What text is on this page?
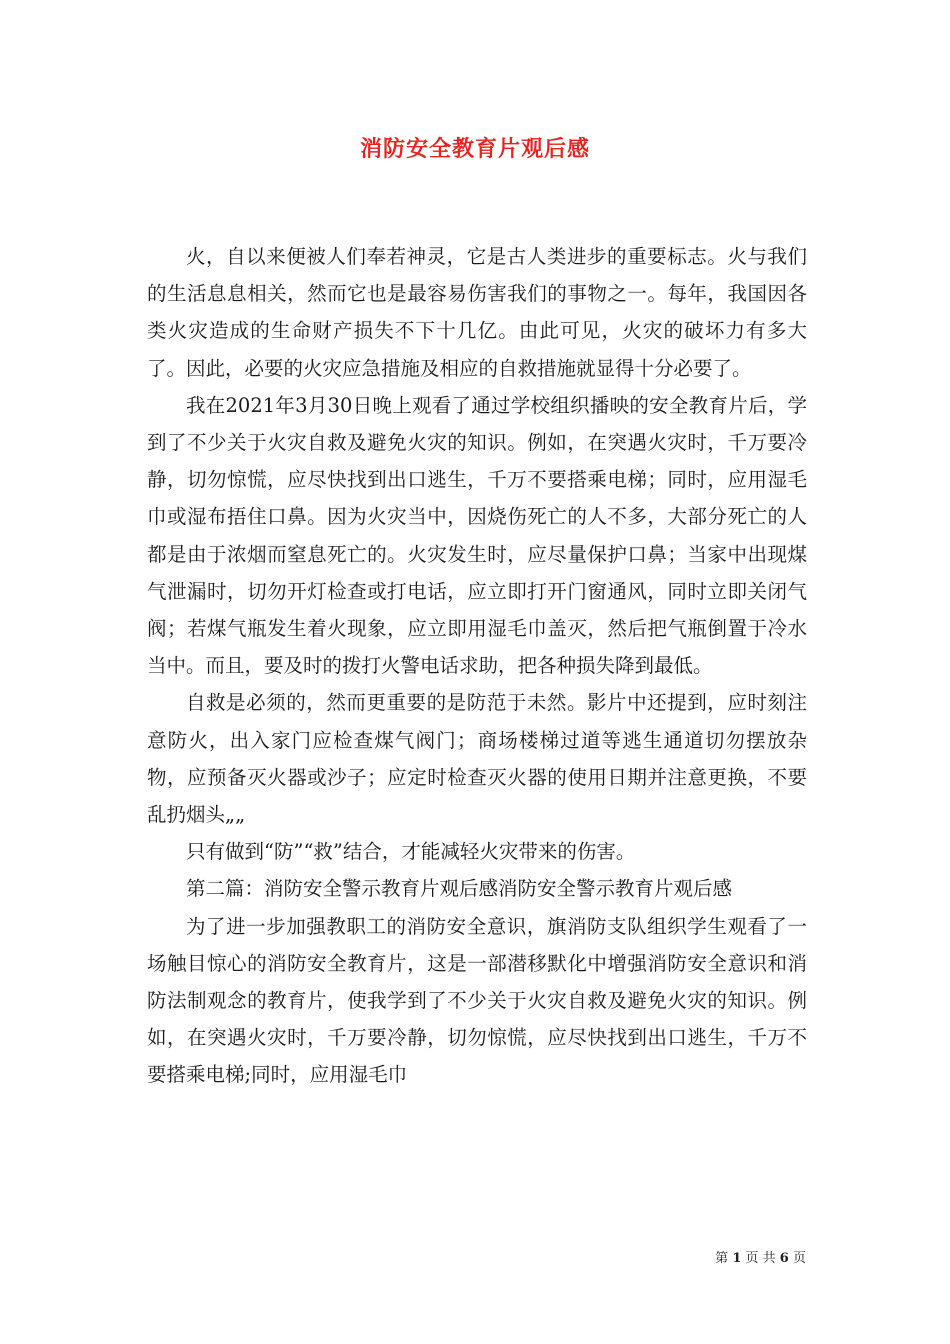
消防安全教育片观后感

火，自以来便被人们奉若神灵，它是古人类进步的重要标志。火与我们的生活息息相关，然而它也是最容易伤害我们的事物之一。每年，我国因各类火灾造成的生命财产损失不下十几亿。由此可见，火灾的破坏力有多大了。因此，必要的火灾应急措施及相应的自救措施就显得十分必要了。

我在2021年3月30日晚上观看了通过学校组织播映的安全教育片后，学到了不少关于火灾自救及避免火灾的知识。例如，在突遇火灾时，千万要冷静，切勿惊慌，应尽快找到出口逃生，千万不要搭乘电梯；同时，应用湿毛巾或湿布捂住口鼻。因为火灾当中，因烧伤死亡的人不多，大部分死亡的人都是由于浓烟而窒息死亡的。火灾发生时，应尽量保护口鼻；当家中出现煤气泄漏时，切勿开灯检查或打电话，应立即打开门窗通风，同时立即关闭气阀；若煤气瓶发生着火现象，应立即用湿毛巾盖灭，然后把气瓶倒置于冷水当中。而且，要及时的拨打火警电话求助，把各种损失降到最低。

自救是必须的，然而更重要的是防范于未然。影片中还提到，应时刻注意防火，出入家门应检查煤气阀门；商场楼梯过道等逃生通道切勿摆放杂物，应预备灭火器或沙子；应定时检查灭火器的使用日期并注意更换，不要乱扔烟头„„

只有做到“防”“救”结合，才能减轻火灾带来的伤害。

第二篇：消防安全警示教育片观后感消防安全警示教育片观后感

为了进一步加强教职工的消防安全意识，旗消防支队组织学生观看了一场触目惊心的消防安全教育片，这是一部潜移默化中增强消防安全意识和消防法制观念的教育片，使我学到了不少关于火灾自救及避免火灾的知识。例如，在突遇火灾时，千万要冷静，切勿惊慌，应尽快找到出口逃生，千万不要搭乘电梯;同时，应用湿毛巾

第 1 页 共 6 页
